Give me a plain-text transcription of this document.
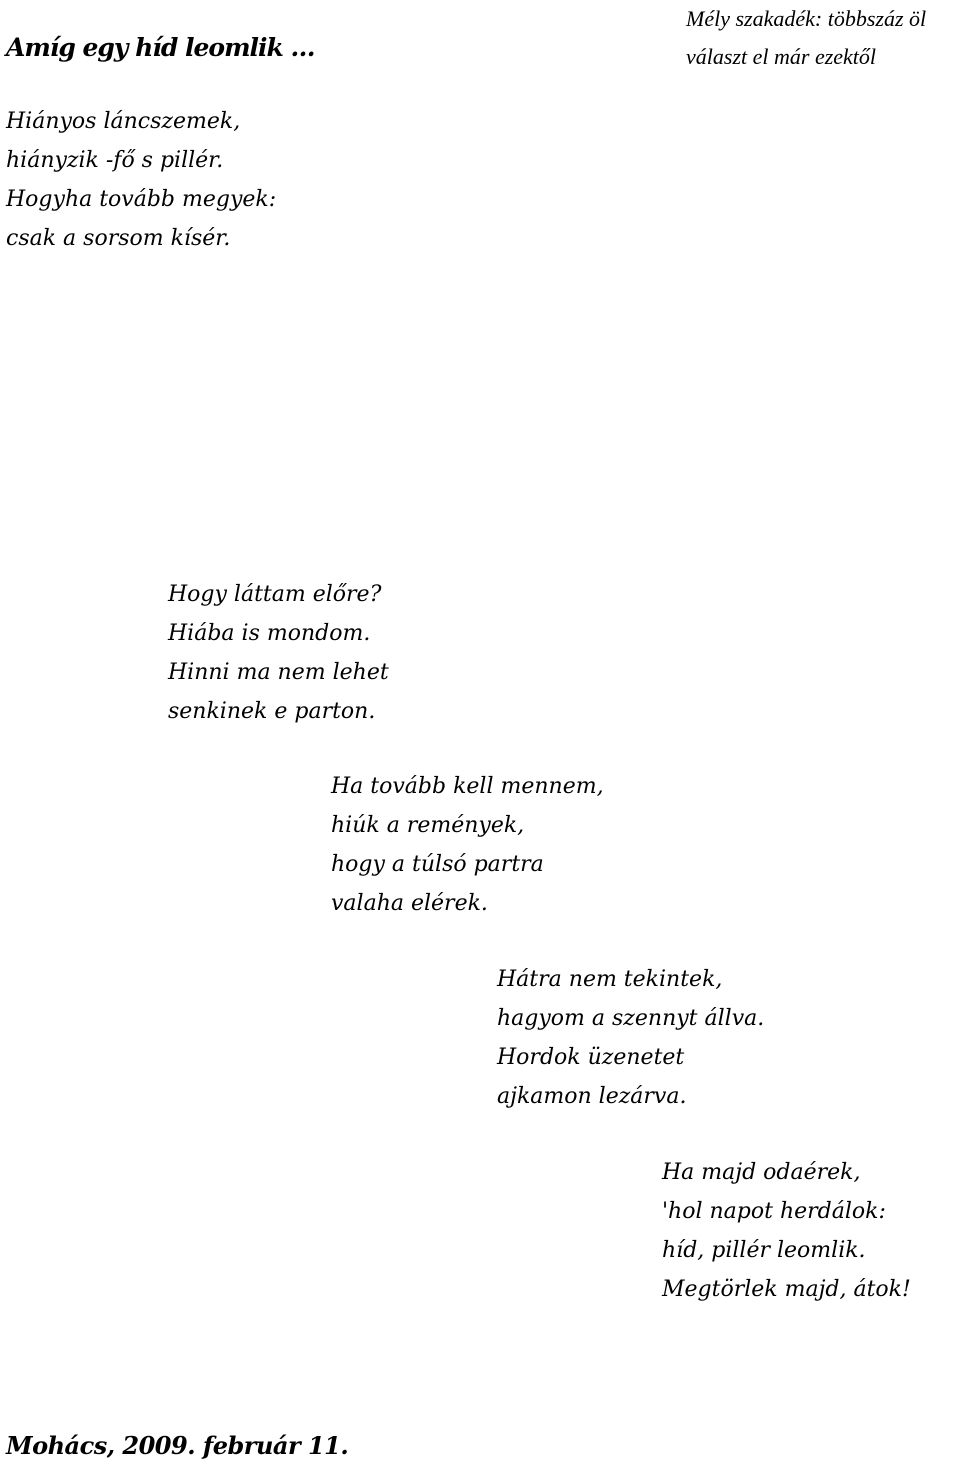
Mély szakadék: többszáz öl
választ el már ezektől
Amíg egy híd leomlik …
Hiányos láncszemek,
hiányzik -fő s pillér.
Hogyha tovább megyek:
csak a sorsom kísér.
Hogy láttam előre?
Hiába is mondom.
Hinni ma nem lehet
senkinek e parton.
Ha tovább kell mennem,
hiúk a remények,
hogy a túlsó partra
valaha elérek.
Hátra nem tekintek,
hagyom a szennyt állva.
Hordok üzenetet
ajkamon lezárva.
Ha majd odaérek,
'hol napot herdálok:
híd, pillér leomlik.
Megtörlek majd, átok!
Mohács, 2009. február 11.
